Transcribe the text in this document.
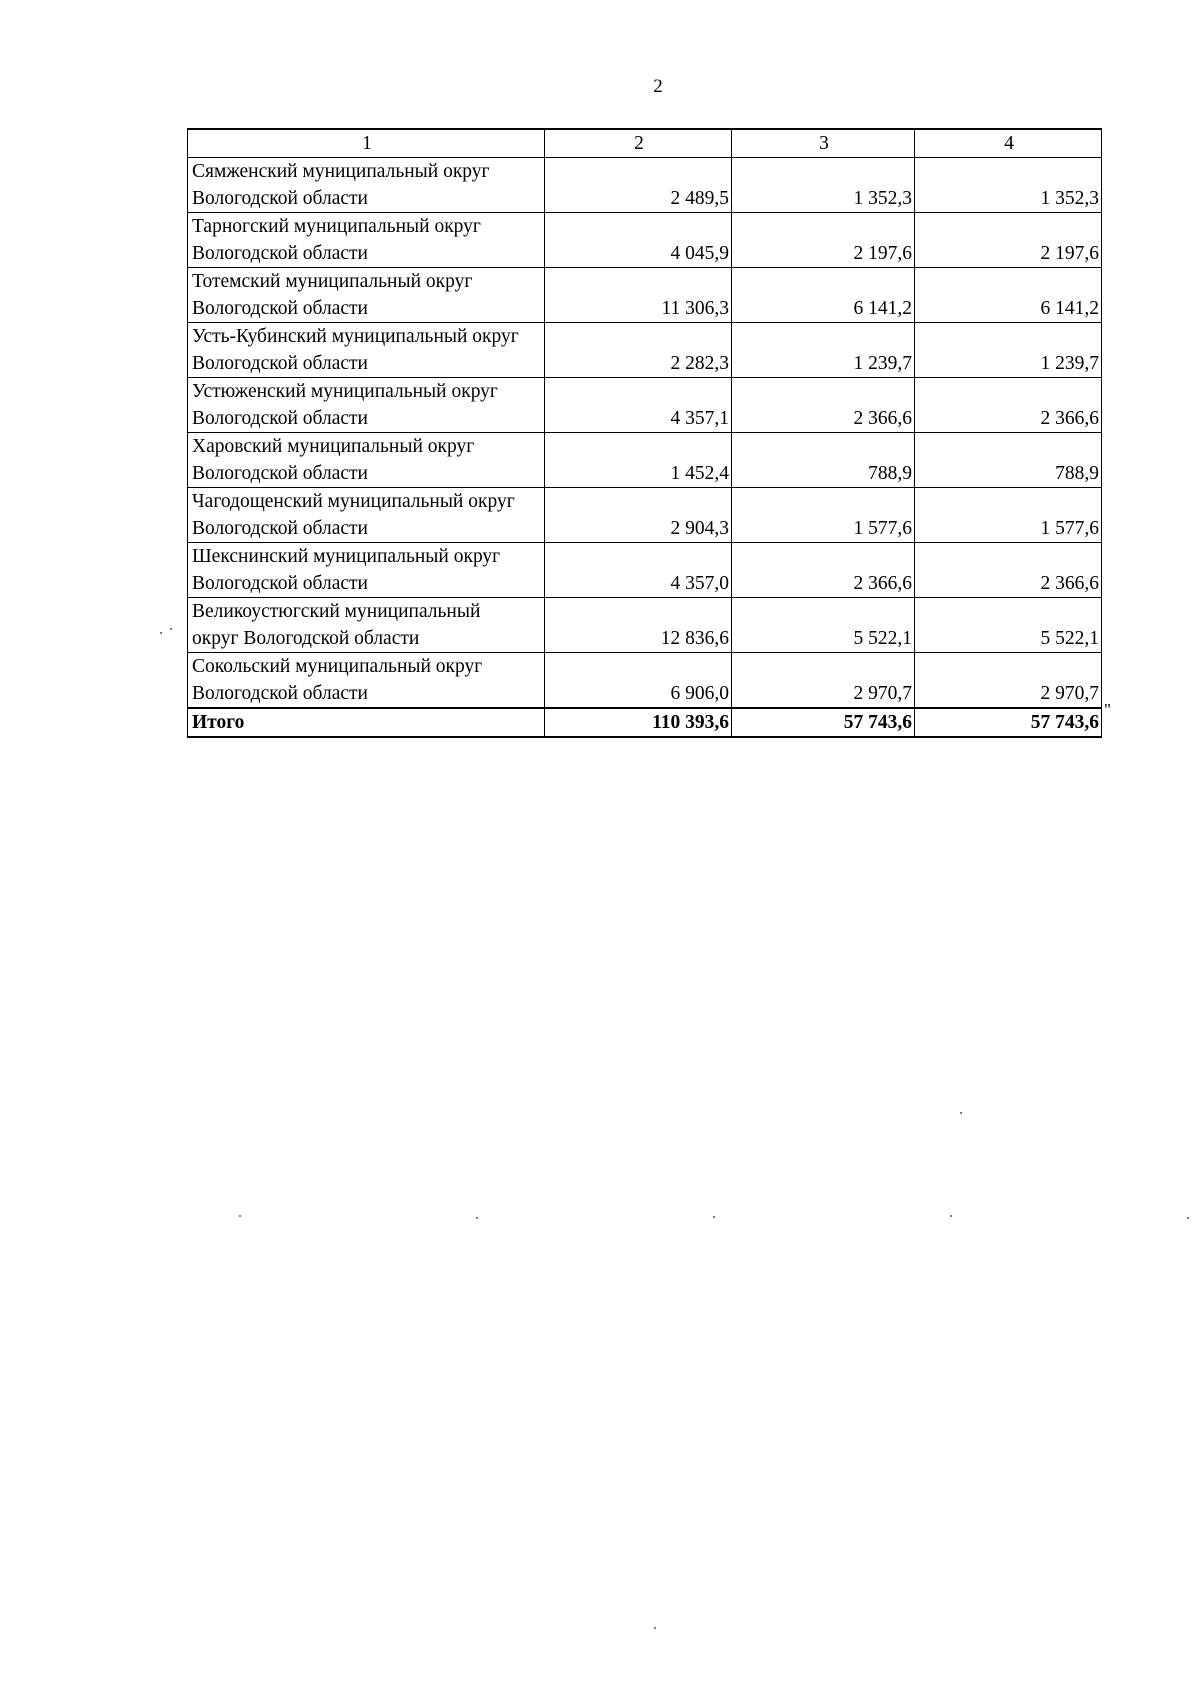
2
1	2	3	4

Сямженский муниципальный округ
Вологодской области	2 489,5	1 352,3	1 352,3

Тарногский муниципальный округ
Вологодской области	4 045,9	2 197,6	2 197,6

Тотемский муниципальный округ
Вологодской области	11 306,3	6 141,2	6 141,2

Усть-Кубинский муниципальный округ
Вологодской области	2 282,3	1 239,7	1 239,7

Устюженский муниципальный округ
Вологодской области	4 357,1	2 366,6	2 366,6

Харовский муниципальный округ
Вологодской области	1 452,4	788,9	788,9

Чагодощенский муниципальный округ
Вологодской области	2 904,3	1 577,6	1 577,6

Шекснинский муниципальный округ
Вологодской области	4 357,0	2 366,6	2 366,6

Великоустюгский муниципальный
округ Вологодской области	12 836,6	5 522,1	5 522,1

Сокольский муниципальный округ
Вологодской области	6 906,0	2 970,7	2 970,7
Итого	110 393,6	57 743,6	57 743,6
"
